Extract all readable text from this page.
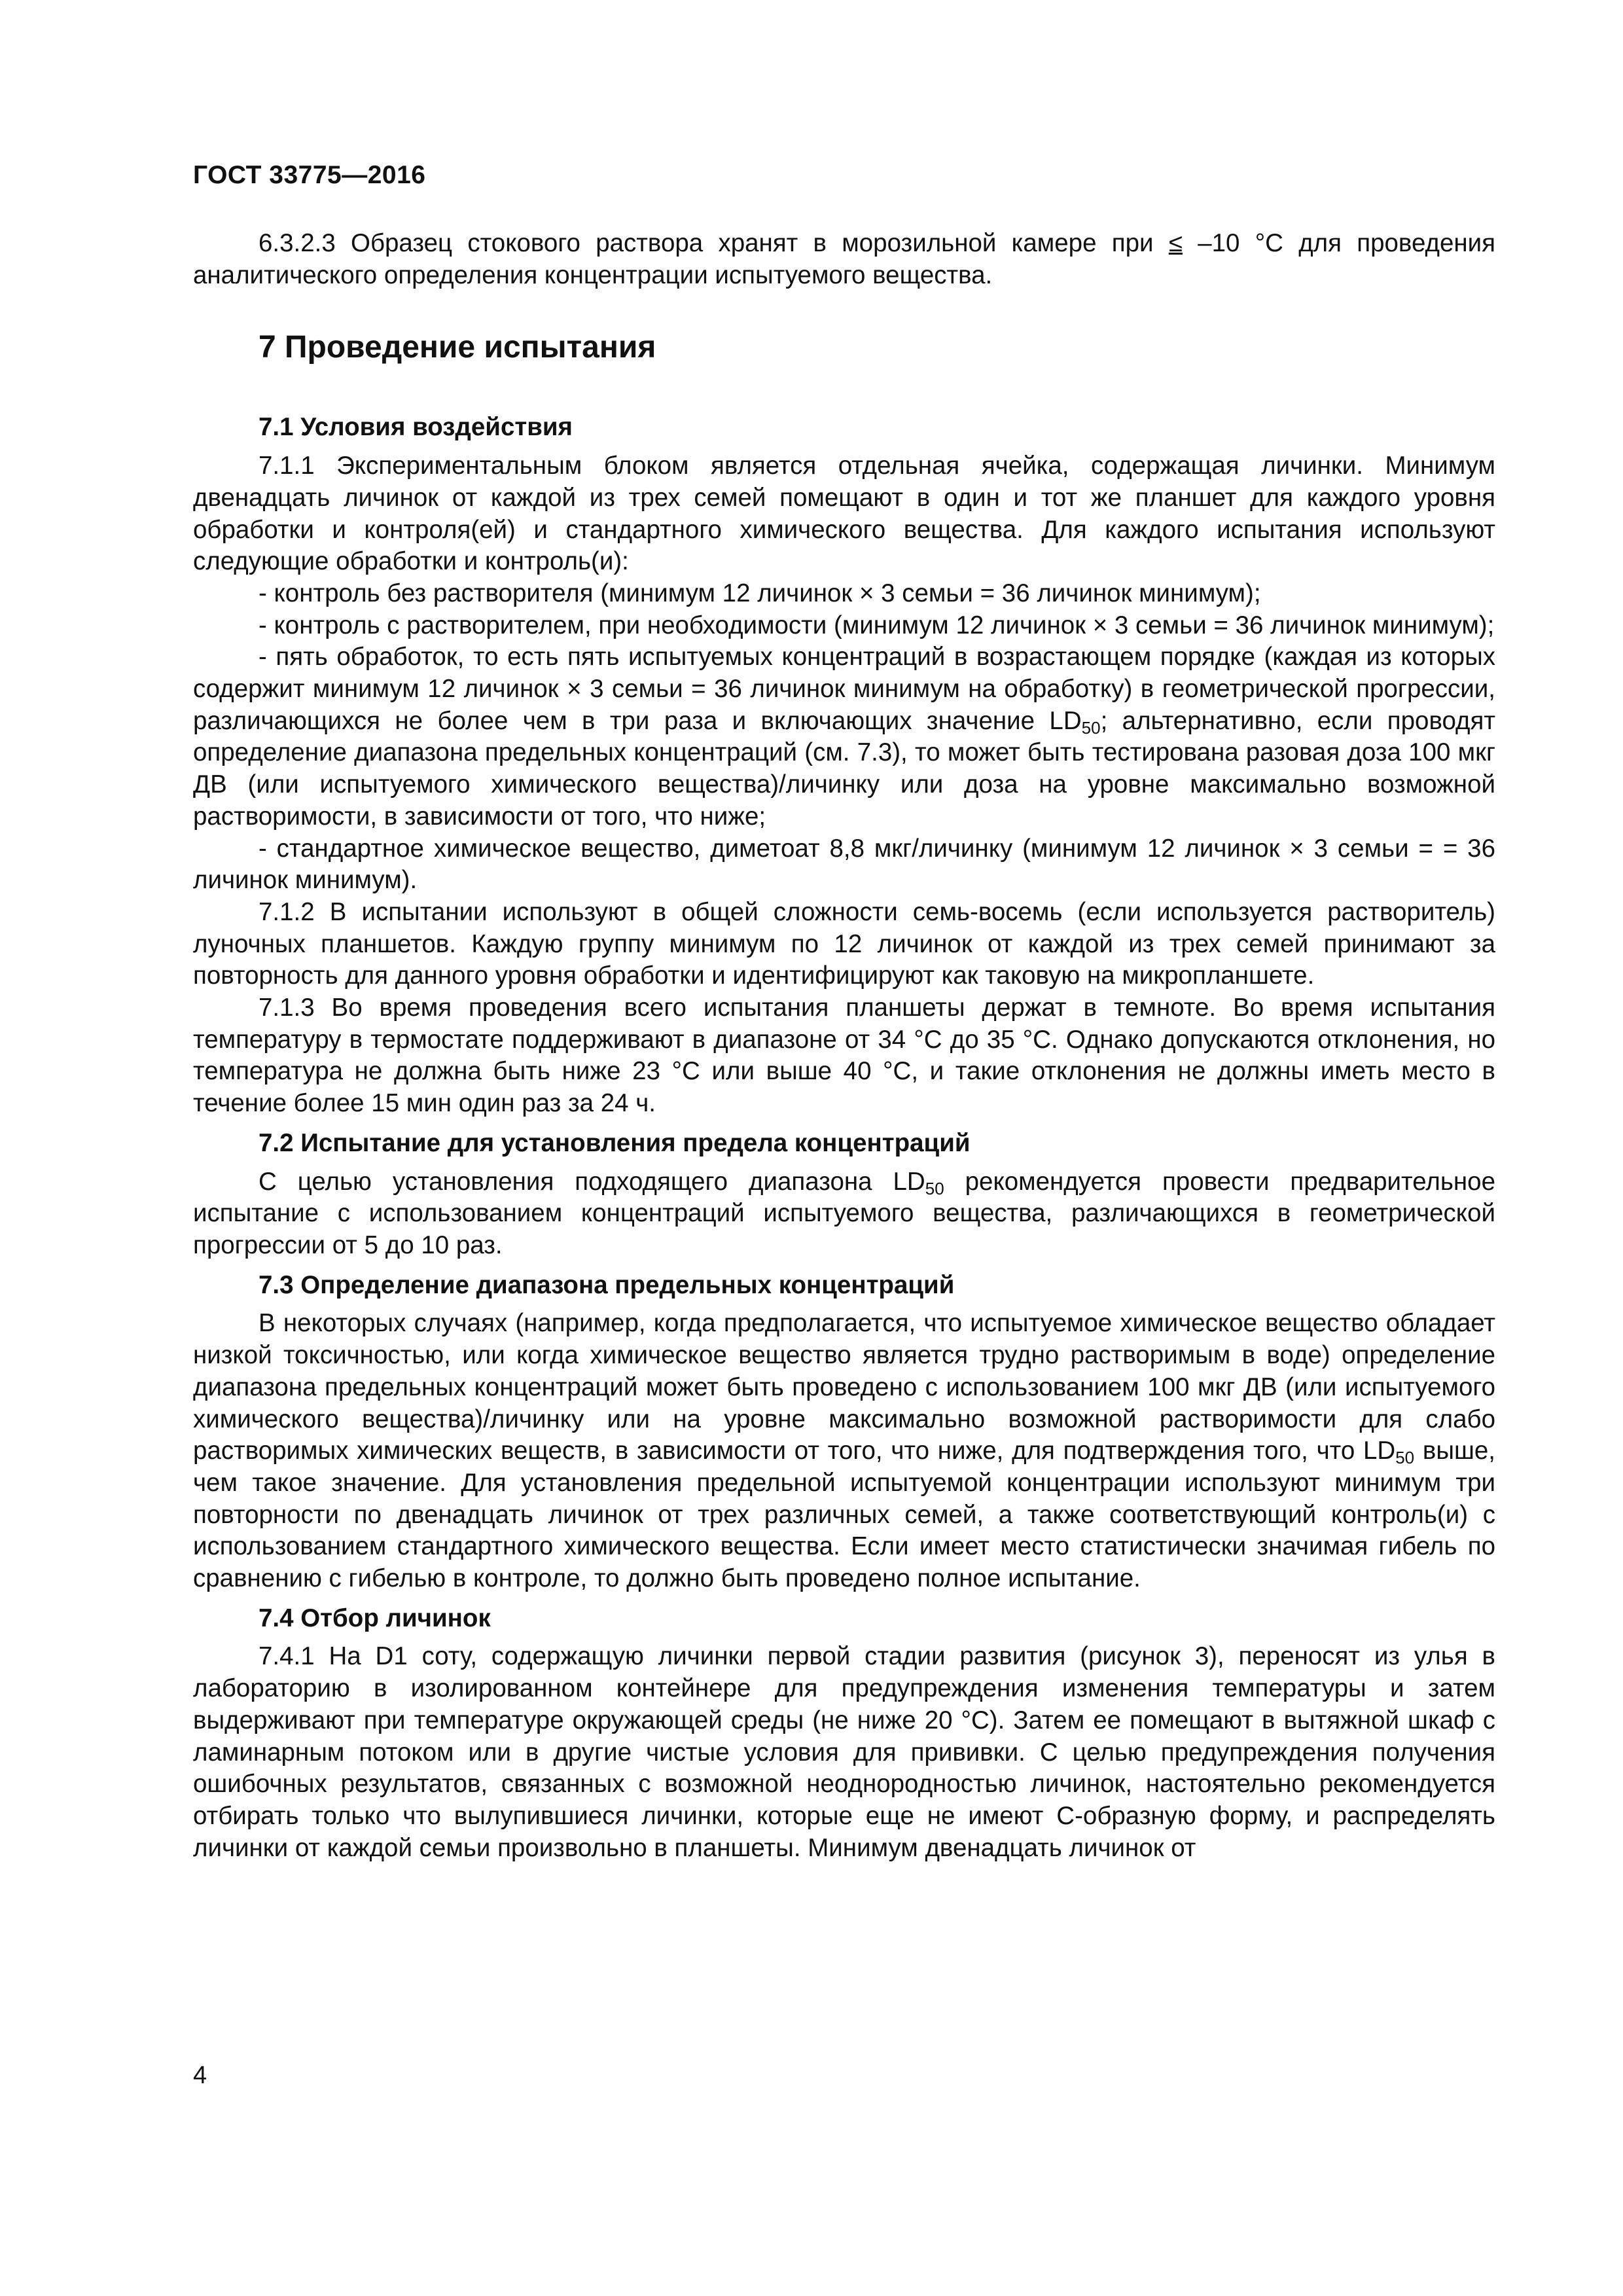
ГОСТ 33775—2016

6.3.2.3 Образец стокового раствора хранят в морозильной камере при ≤ –10 °С для проведения аналитического определения концентрации испытуемого вещества.

7 Проведение испытания

7.1 Условия воздействия

7.1.1 Экспериментальным блоком является отдельная ячейка, содержащая личинки. Минимум двенадцать личинок от каждой из трех семей помещают в один и тот же планшет для каждого уровня обработки и контроля(ей) и стандартного химического вещества. Для каждого испытания используют следующие обработки и контроль(и):

- контроль без растворителя (минимум 12 личинок × 3 семьи = 36 личинок минимум);

- контроль с растворителем, при необходимости (минимум 12 личинок × 3 семьи = 36 личинок минимум);

- пять обработок, то есть пять испытуемых концентраций в возрастающем порядке (каждая из которых содержит минимум 12 личинок × 3 семьи = 36 личинок минимум на обработку) в геометрической прогрессии, различающихся не более чем в три раза и включающих значение $LD_{50}$; альтернативно, если проводят определение диапазона предельных концентраций (см. 7.3), то может быть тестирована разовая доза 100 мкг ДВ (или испытуемого химического вещества)/личинку или доза на уровне максимально возможной растворимости, в зависимости от того, что ниже;

- стандартное химическое вещество, диметоат 8,8 мкг/личинку (минимум 12 личинок × 3 семьи = = 36 личинок минимум).

7.1.2 В испытании используют в общей сложности семь-восемь (если используется растворитель) луночных планшетов. Каждую группу минимум по 12 личинок от каждой из трех семей принимают за повторность для данного уровня обработки и идентифицируют как таковую на микропланшете.

7.1.3 Во время проведения всего испытания планшеты держат в темноте. Во время испытания температуру в термостате поддерживают в диапазоне от 34 °С до 35 °С. Однако допускаются отклонения, но температура не должна быть ниже 23 °С или выше 40 °С, и такие отклонения не должны иметь место в течение более 15 мин один раз за 24 ч.

7.2 Испытание для установления предела концентраций

С целью установления подходящего диапазона $LD_{50}$ рекомендуется провести предварительное испытание с использованием концентраций испытуемого вещества, различающихся в геометрической прогрессии от 5 до 10 раз.

7.3 Определение диапазона предельных концентраций

В некоторых случаях (например, когда предполагается, что испытуемое химическое вещество обладает низкой токсичностью, или когда химическое вещество является трудно растворимым в воде) определение диапазона предельных концентраций может быть проведено с использованием 100 мкг ДВ (или испытуемого химического вещества)/личинку или на уровне максимально возможной растворимости для слабо растворимых химических веществ, в зависимости от того, что ниже, для подтверждения того, что $LD_{50}$ выше, чем такое значение. Для установления предельной испытуемой концентрации используют минимум три повторности по двенадцать личинок от трех различных семей, а также соответствующий контроль(и) с использованием стандартного химического вещества. Если имеет место статистически значимая гибель по сравнению с гибелью в контроле, то должно быть проведено полное испытание.

7.4 Отбор личинок

7.4.1 На D1 соту, содержащую личинки первой стадии развития (рисунок 3), переносят из улья в лабораторию в изолированном контейнере для предупреждения изменения температуры и затем выдерживают при температуре окружающей среды (не ниже 20 °С). Затем ее помещают в вытяжной шкаф с ламинарным потоком или в другие чистые условия для прививки. С целью предупреждения получения ошибочных результатов, связанных с возможной неоднородностью личинок, настоятельно рекомендуется отбирать только что вылупившиеся личинки, которые еще не имеют С-образную форму, и распределять личинки от каждой семьи произвольно в планшеты. Минимум двенадцать личинок от

4
